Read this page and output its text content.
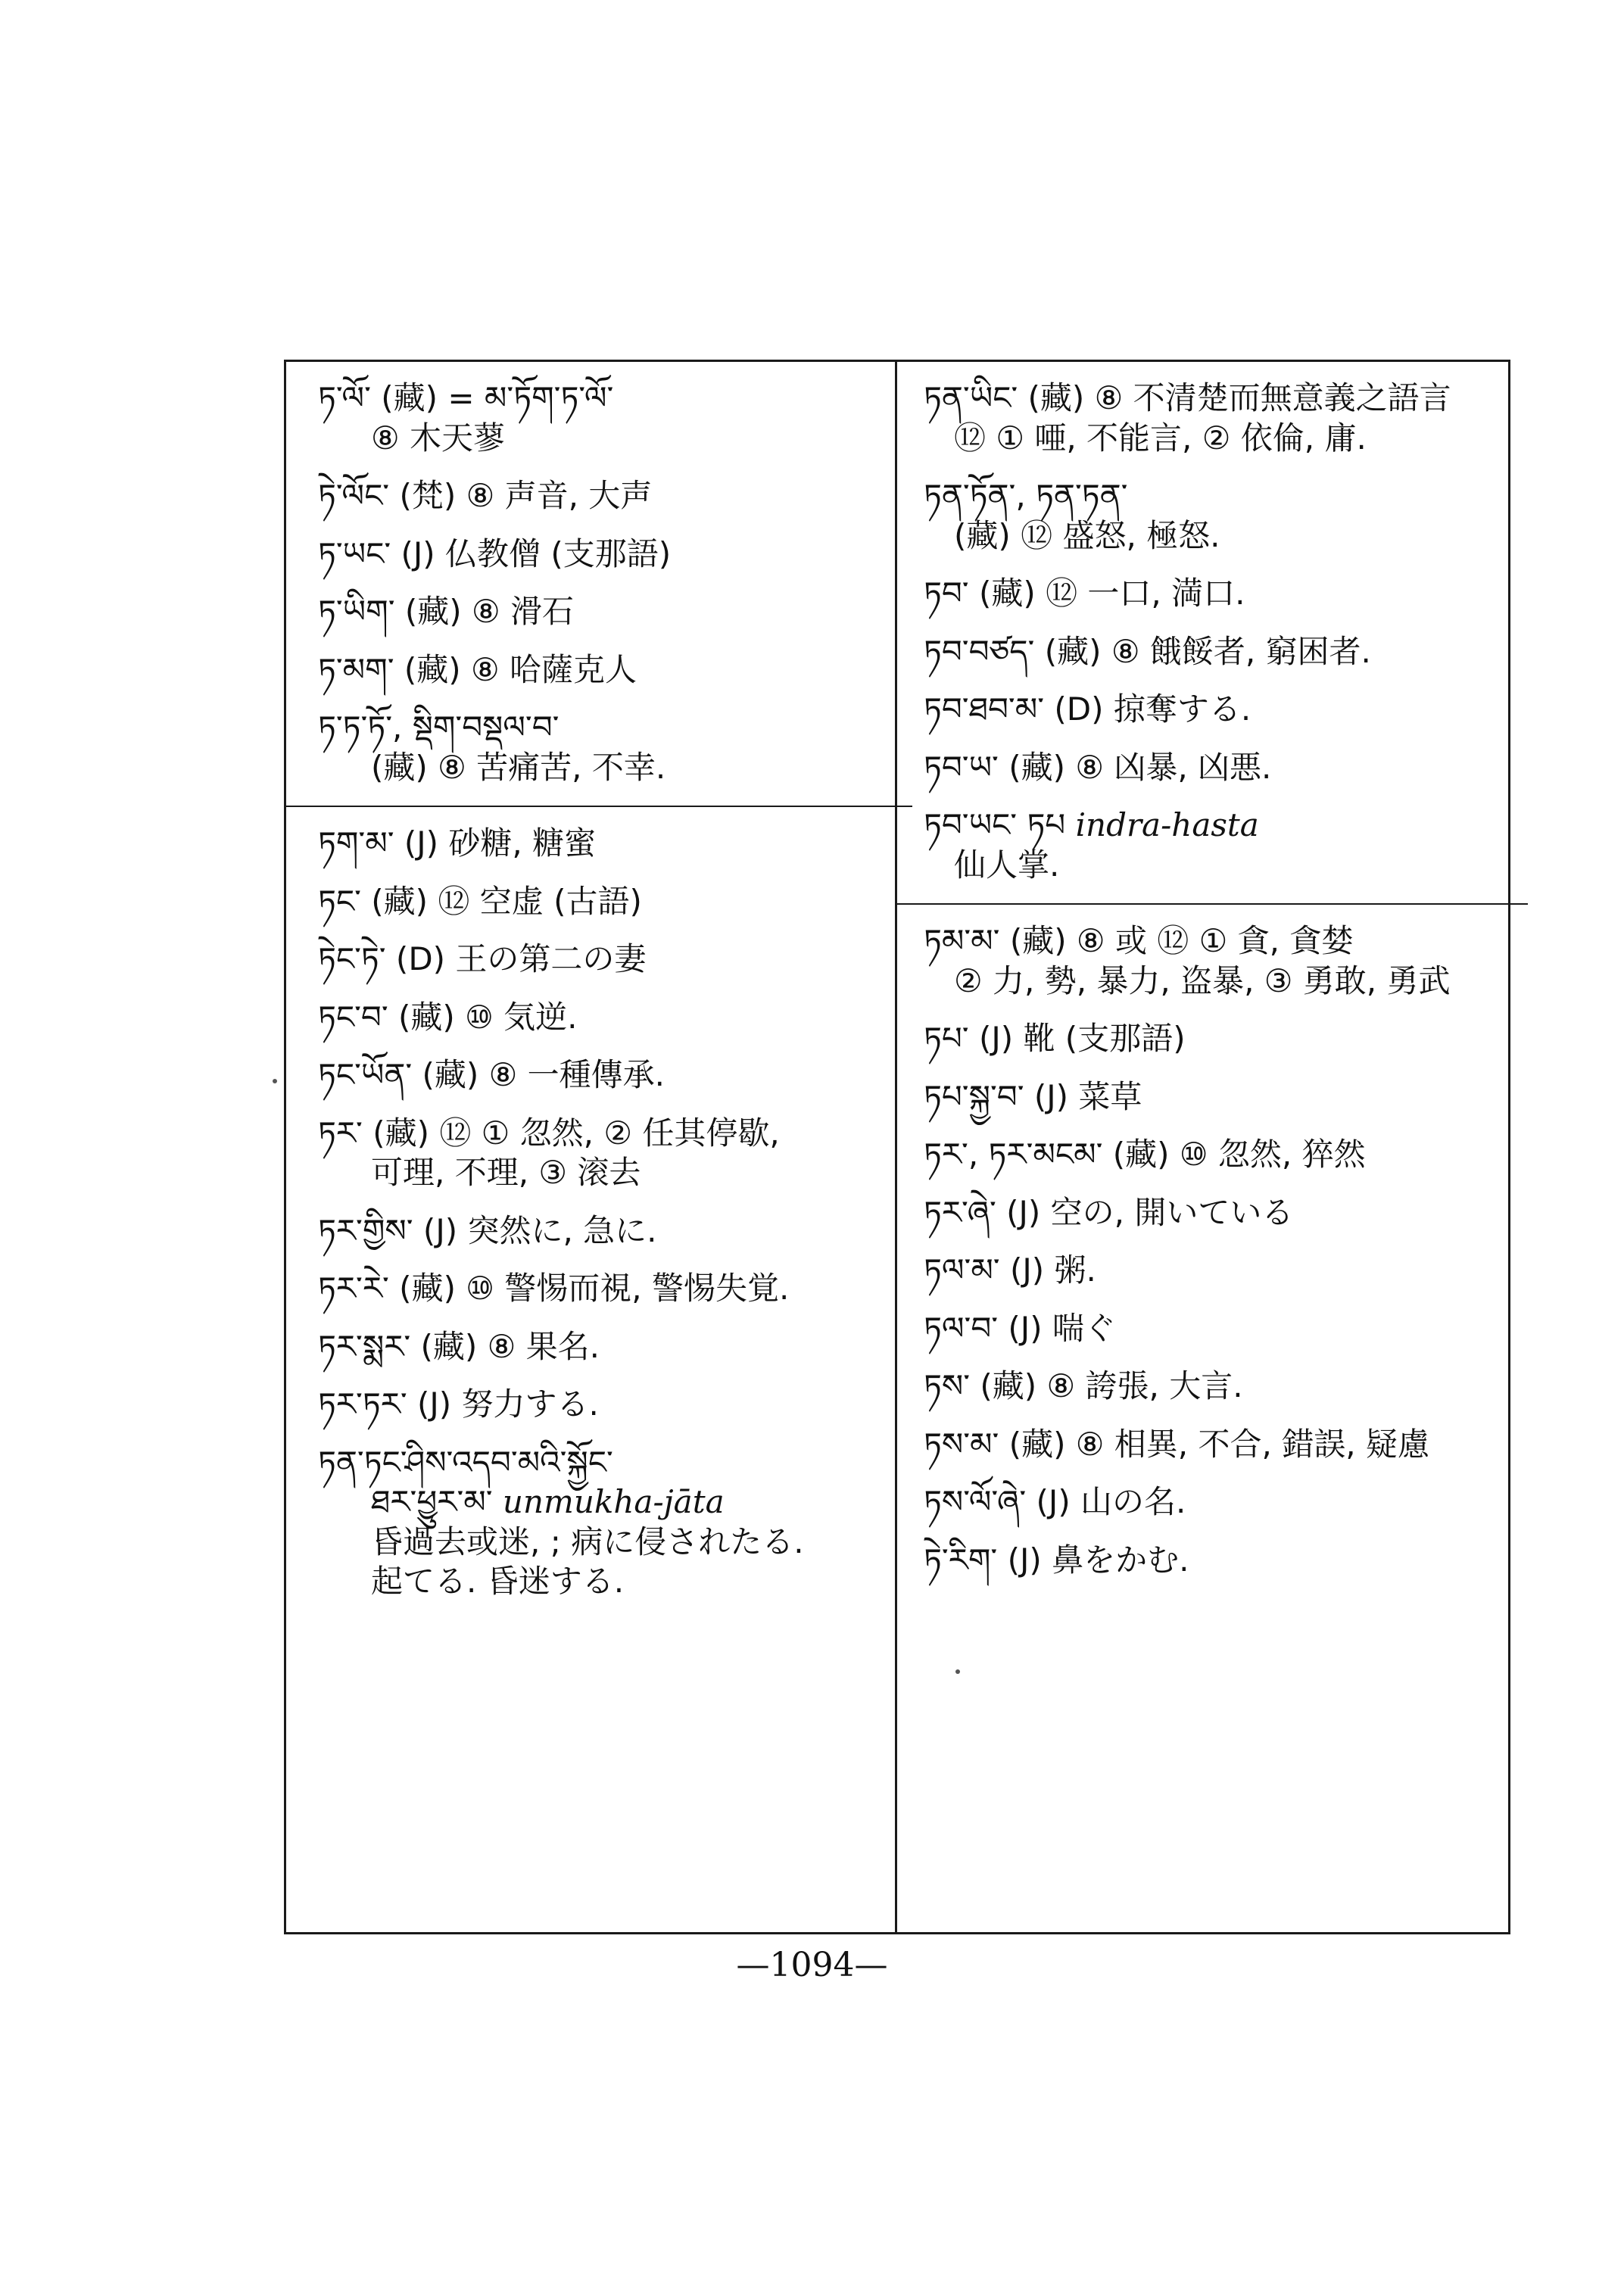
ཏ་ལོ་ (藏) = མ་ཏོག་ཏ་ལོ་
⑧ 木天蓼
ཏེ་ལོང་ (梵) ⑧ 声音, 大声
ཏ་ཡང་ (J) 仏教僧 (支那語)
ཏ་ཡིག་ (藏) ⑧ 滑石
ཏ་མག་ (藏) ⑧ 哈薩克人
ཏ་ཏ་ཏོ་, སྡིག་བསྡལ་བ་
(藏) ⑧ 苦痛苦, 不幸.
ཏག་མ་ (J) 砂糖, 糖蜜
ཏང་ (藏) ⑫ 空虚 (古語)
ཏེང་ཏེ་ (D) 王の第二の妻
ཏང་བ་ (藏) ⑩ 気逆.
ཏང་ཡོན་ (藏) ⑧ 一種傳承.
ཏར་ (藏) ⑫ ① 忽然, ② 任其停歇,
可理, 不理, ③ 滚去
ཏར་གྱིས་ (J) 突然に, 急に.
ཏར་རེ་ (藏) ⑩ 警惕而視, 警惕失覚.
ཏར་སྨར་ (藏) ⑧ 果名.
ཏར་ཏར་ (J) 努力する.
ཏན་ཏང་ཤིས་འདབ་མའི་སྐྱོང་
ཐར་ཕྱུར་མ་ unmukha-jāta
昏過去或迷, ; 病に侵されたる.
起てる. 昏迷する.
ཏན་ཡིང་ (藏) ⑧ 不清楚而無意義之語言
⑫ ① 唖, 不能言, ② 依倫, 庸.
ཏན་ཏོན་, ཏན་ཏན་
(藏) ⑫ 盛怒, 極怒.
ཏབ་ (藏) ⑫ 一口, 満口.
ཏབ་བཙད་ (藏) ⑧ 餓餒者, 窮困者.
ཏབ་ཐབ་མ་ (D) 掠奪する.
ཏབ་ཡ་ (藏) ⑧ 凶暴, 凶悪.
ཏབ་ཡང་ ཏཔ indra-hasta
仙人掌.
ཏམ་མ་ (藏) ⑧ 或 ⑫ ① 貪, 貪婪
② 力, 勢, 暴力, 盗暴, ③ 勇敢, 勇武
ཏཔ་ (J) 靴 (支那語)
ཏཔ་སྐྱ་བ་ (J) 菜草
ཏར་, ཏར་མངམ་ (藏) ⑩ 忽然, 猝然
ཏར་ཞེ་ (J) 空の, 開いている
ཏལ་མ་ (J) 粥.
ཏལ་བ་ (J) 喘ぐ
ཏས་ (藏) ⑧ 誇張, 大言.
ཏས་མ་ (藏) ⑧ 相異, 不合, 錯誤, 疑慮
ཏས་ལོ་ཞེ་ (J) 山の名.
ཏེ་རིག་ (J) 鼻をかむ.
—1094—
